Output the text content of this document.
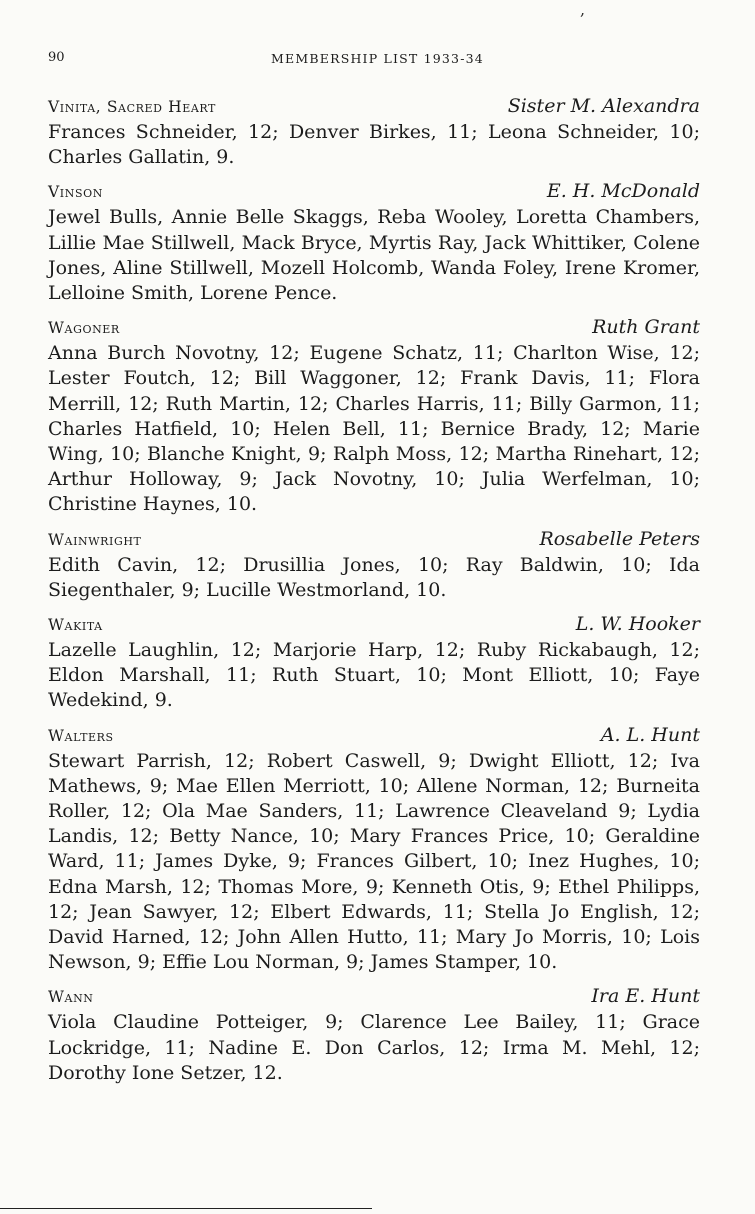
,
90	MEMBERSHIP LIST 1933-34
Vinita, Sacred Heart	Sister M. Alexandra

Frances Schneider, 12; Denver Birkes, 11; Leona Schneider, 10; Charles Gallatin, 9.

Vinson	E. H. McDonald

Jewel Bulls, Annie Belle Skaggs, Reba Wooley, Loretta Chambers, Lillie Mae Stillwell, Mack Bryce, Myrtis Ray, Jack Whittiker, Colene Jones, Aline Stillwell, Mozell Holcomb, Wanda Foley, Irene Kromer, Lelloine Smith, Lorene Pence.

Wagoner	Ruth Grant

Anna Burch Novotny, 12; Eugene Schatz, 11; Charlton Wise, 12; Lester Foutch, 12; Bill Waggoner, 12; Frank Davis, 11; Flora Merrill, 12; Ruth Martin, 12; Charles Harris, 11; Billy Garmon, 11; Charles Hatfield, 10; Helen Bell, 11; Bernice Brady, 12; Marie Wing, 10; Blanche Knight, 9; Ralph Moss, 12; Martha Rinehart, 12; Arthur Holloway, 9; Jack Novotny, 10; Julia Werfelman, 10; Christine Haynes, 10.

Wainwright	Rosabelle Peters

Edith Cavin, 12; Drusillia Jones, 10; Ray Baldwin, 10; Ida Siegenthaler, 9; Lucille Westmorland, 10.

Wakita	L. W. Hooker

Lazelle Laughlin, 12; Marjorie Harp, 12; Ruby Rickabaugh, 12; Eldon Marshall, 11; Ruth Stuart, 10; Mont Elliott, 10; Faye Wedekind, 9.

Walters	A. L. Hunt

Stewart Parrish, 12; Robert Caswell, 9; Dwight Elliott, 12; Iva Mathews, 9; Mae Ellen Merriott, 10; Allene Norman, 12; Burneita Roller, 12; Ola Mae Sanders, 11; Lawrence Cleaveland 9; Lydia Landis, 12; Betty Nance, 10; Mary Frances Price, 10; Geraldine Ward, 11; James Dyke, 9; Frances Gilbert, 10; Inez Hughes, 10; Edna Marsh, 12; Thomas More, 9; Kenneth Otis, 9; Ethel Philipps, 12; Jean Sawyer, 12; Elbert Edwards, 11; Stella Jo English, 12; David Harned, 12; John Allen Hutto, 11; Mary Jo Morris, 10; Lois Newson, 9; Effie Lou Norman, 9; James Stamper, 10.

Wann	Ira E. Hunt

Viola Claudine Potteiger, 9; Clarence Lee Bailey, 11; Grace Lockridge, 11; Nadine E. Don Carlos, 12; Irma M. Mehl, 12; Dorothy Ione Setzer, 12.
